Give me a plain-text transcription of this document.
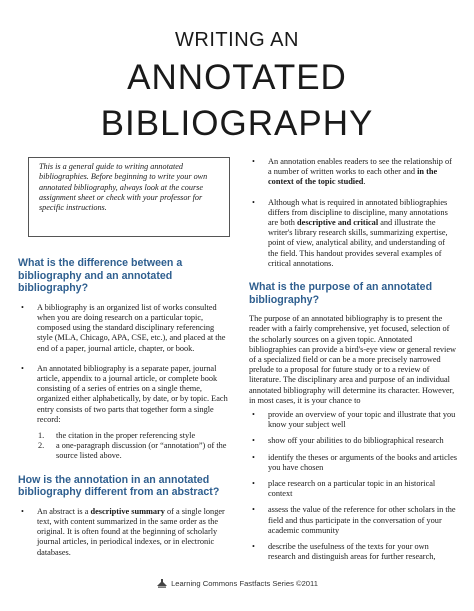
WRITING AN
ANNOTATED
BIBLIOGRAPHY
This is a general guide to writing annotated bibliographies. Before beginning to write your own annotated bibliography, always look at the course assignment sheet or check with your professor for specific instructions.
What is the difference between a bibliography and an annotated bibliography?
• A bibliography is an organized list of works consulted when you are doing research on a particular topic, composed using the standard disciplinary referencing style (MLA, Chicago, APA, CSE, etc.), and placed at the end of a paper, journal article, chapter, or book.
• An annotated bibliography is a separate paper, journal article, appendix to a journal article, or complete book consisting of a series of entries on a single theme, organized either alphabetically, by date, or by topic. Each entry consists of two parts that together form a single record:
1. the citation in the proper referencing style
2. a one-paragraph discussion (or “annotation”) of the source listed above.
How is the annotation in an annotated bibliography different from an abstract?
• An abstract is a descriptive summary of a single longer text, with content summarized in the same order as the original. It is often found at the beginning of scholarly journal articles, in periodical indexes, or in electronic databases.
• An annotation enables readers to see the relationship of a number of written works to each other and in the context of the topic studied.
• Although what is required in annotated bibliographies differs from discipline to discipline, many annotations are both descriptive and critical and illustrate the writer's library research skills, summarizing expertise, point of view, analytical ability, and understanding of the field. This handout provides several examples of critical annotations.
What is the purpose of an annotated bibliography?
The purpose of an annotated bibliography is to present the reader with a fairly comprehensive, yet focused, selection of the scholarly sources on a given topic. Annotated bibliographies can provide a bird's-eye view or general review of a specialized field or can be a more precisely narrowed prelude to a proposal for future study or to a review of literature. The disciplinary area and purpose of an individual annotated bibliography will determine its character. However, in most cases, it is your chance to
• provide an overview of your topic and illustrate that you know your subject well
• show off your abilities to do bibliographical research
• identify the theses or arguments of the books and articles you have chosen
• place research on a particular topic in an historical context
• assess the value of the reference for other scholars in the field and thus participate in the conversation of your academic community
• describe the usefulness of the texts for your own research and distinguish areas for further research,
Learning Commons Fastfacts Series ©2011
